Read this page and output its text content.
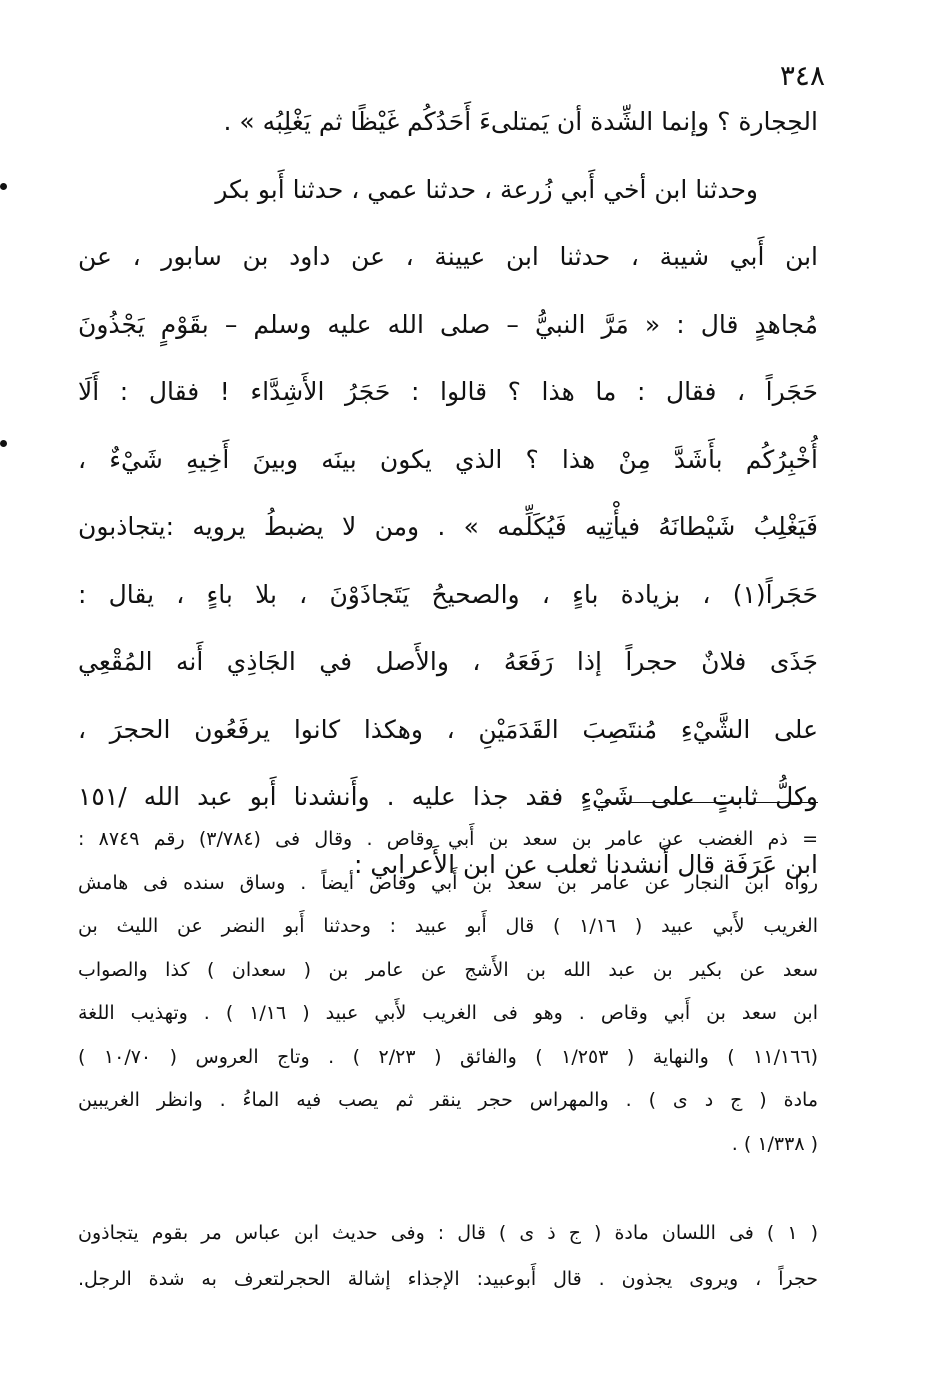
٣٤٨
الحِجارة ؟ وإنما الشِّدة أن يَمتلىءَ أَحَدُكُم غَيْظًا ثم يَغْلِبُه » .
وحدثنا ابن أخي أَبي زُرعة ، حدثنا عمي ، حدثنا أَبو بكر
ابن أَبي شيبة ، حدثنا ابن عيينة ، عن داود بن سابور ، عن
مُجاهدٍ قال : « مَرَّ النبيُّ – صلى الله عليه وسلم – بقَوْمٍ يَجْذُونَ
حَجَراً ، فقال : ما هذا ؟ قالوا : حَجَرُ الأَشِدَّاء ! فقال : أَلَا
أُخْبِرُكُم بأَشَدَّ مِنْ هذا ؟ الذي يكون بينَه وبينَ أَخِيهِ شَيْءٌ ،
فَيَغْلِبُ شَيْطانَهُ فيأْتِيه فَيُكَلِّمه » . ومن لا يضبطُ يرويه :يتجاذبون
حَجَراً(١) ، بزيادة باءٍ ، والصحيحُ يَتَجاذَوْنَ ، بلا باءٍ ، يقال :
جَذَى فلانٌ حجراً إذا رَفَعَهُ ، والأَصل في الجَاذِي أَنه المُقْعِي
على الشَّيْءِ مُنتَصِبَ القَدَمَيْنِ ، وهكذا كانوا يرفَعُون الحجرَ ،
وكلُّ ثابتٍ على شَيْءٍ فقد جذا عليه . وأَنشدنا أَبو عبد الله /١٥١
ابن عَرَفَة قال أَنشدنا ثعلب عن ابن الأَعرابي :
= ذم الغضب عن عامر بن سعد بن أَبي وقاص . وقال فى (٣/٧٨٤) رقم ٨٧٤٩ :
رواه ابن النجار عن عامر بن سعد بن أَبي وقاص أيضاً . وساق سنده فى هامش
الغريب لأَبي عبيد ( ١/١٦ ) قال أَبو عبيد : وحدثنا أَبو النضر عن الليث بن
سعد عن بكير بن عبد الله بن الأَشج عن عامر بن ( سعدان ) كذا والصواب
ابن سعد بن أَبي وقاص . وهو فى الغريب لأَبي عبيد ( ١/١٦ ) . وتهذيب اللغة
(١١/١٦٦ ) والنهاية ( ١/٢٥٣ ) والفائق ( ٢/٢٣ ) . وتاج العروس ( ١٠/٧٠ )
مادة ( ج د ى ) . والمهراس حجر ينقر ثم يصب فيه الماءُ . وانظر الغريبين
( ١/٣٣٨ ) .
( ١ ) فى اللسان مادة ( ج ذ ى ) قال : وفى حديث ابن عباس مر بقوم يتجاذون
حجراً ، ويروى يجذون . قال أَبوعبيد: الإجذاء إشالة الحجرلتعرف به شدة الرجل.
